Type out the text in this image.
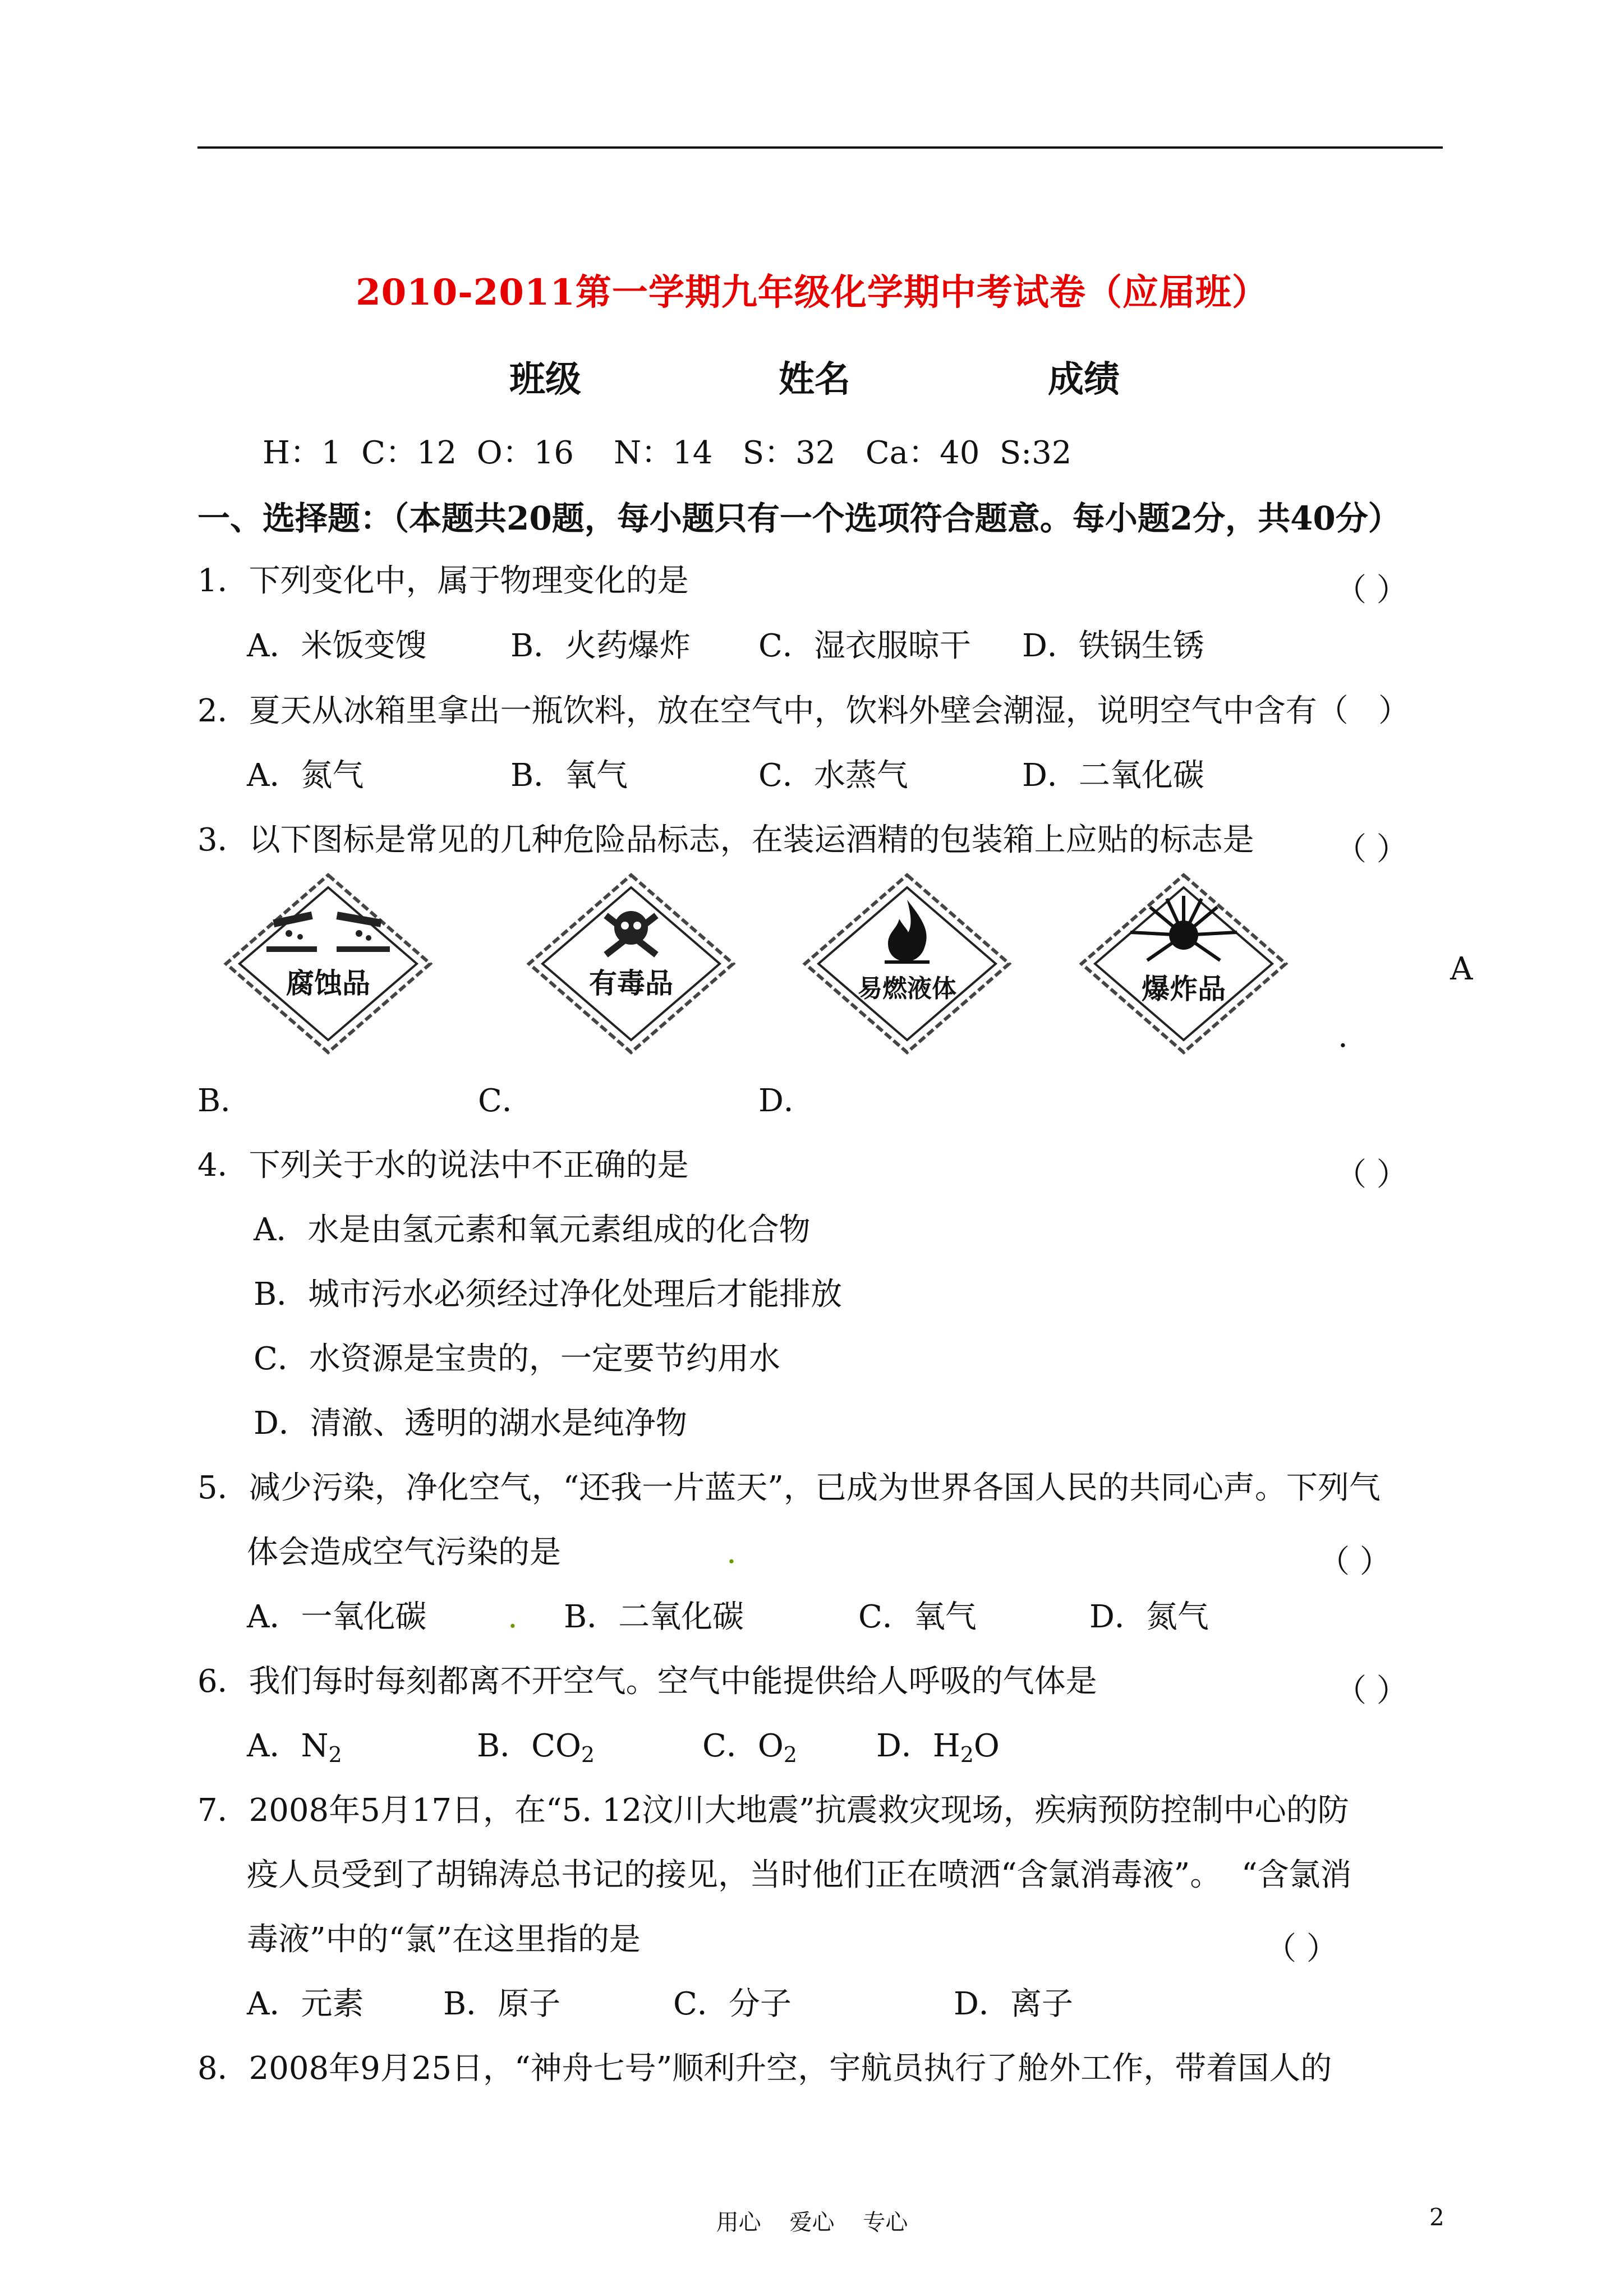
2010-2011第一学期九年级化学期中考试卷（应届班）
班级	姓名	成绩
H：1  C：12  O：16    N：14   S：32   Ca：40  S:32
一、选择题：（本题共20题，每小题只有一个选项符合题意。每小题2分，共40分）
1．下列变化中，属于物理变化的是	（ ）
A．米饭变馊	B．火药爆炸 C．湿衣服晾干 D．铁锅生锈
2．夏天从冰箱里拿出一瓶饮料，放在空气中，饮料外壁会潮湿，说明空气中含有（   ）
A．氮气	B．氧气	C．水蒸气	D．二氧化碳
3．以下图标是常见的几种危险品标志，在装运酒精的包装箱上应贴的标志是	（ ）
腐蚀品	有毒品	易燃液体	爆炸品
A
.
B．	C．	D．
4．下列关于水的说法中不正确的是	（ ）
A．水是由氢元素和氧元素组成的化合物
B．城市污水必须经过净化处理后才能排放
C．水资源是宝贵的，一定要节约用水
D．清澈、透明的湖水是纯净物
5．减少污染，净化空气，“还我一片蓝天”，已成为世界各国人民的共同心声。下列气
体会造成空气污染的是	.	（ ）
A．一氧化碳	. B．二氧化碳	C．氧气	D．氮气
6．我们每时每刻都离不开空气。空气中能提供给人呼吸的气体是	（ ）
A．$N_2$	B．$CO_2$	C．$O_2$	D．$H_2O$
7．2008年5月17日，在“5. 12汶川大地震”抗震救灾现场，疾病预防控制中心的防
疫人员受到了胡锦涛总书记的接见，当时他们正在喷洒“含氯消毒液”。  “含氯消
毒液”中的“氯”在这里指的是	（ ）
A．元素	B．原子	C．分子	D．离子
8．2008年9月25日，“神舟七号”顺利升空，宇航员执行了舱外工作，带着国人的
用心    爱心    专心	2
